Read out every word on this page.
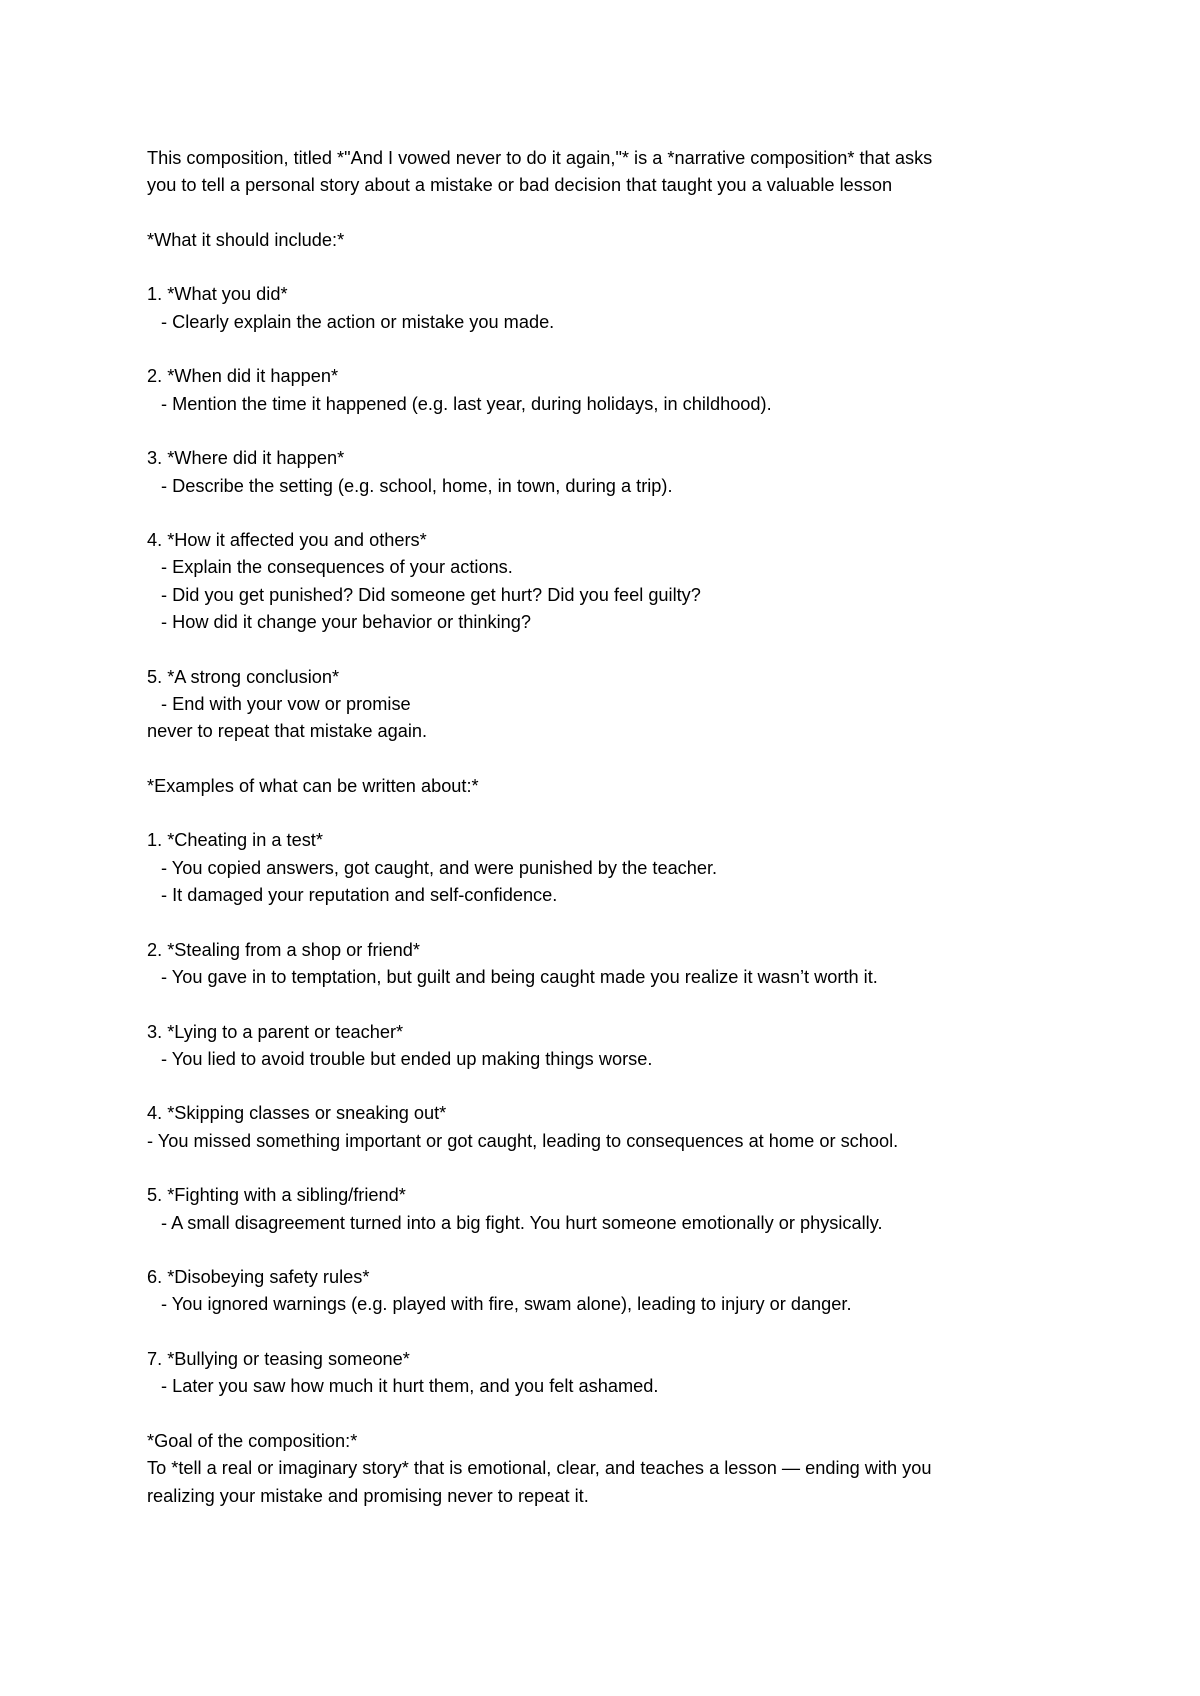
This composition, titled *"And I vowed never to do it again,"* is a *narrative composition* that asks
you to tell a personal story about a mistake or bad decision that taught you a valuable lesson
*What it should include:*
1. *What you did*
- Clearly explain the action or mistake you made.
2. *When did it happen*
- Mention the time it happened (e.g. last year, during holidays, in childhood).
3. *Where did it happen*
- Describe the setting (e.g. school, home, in town, during a trip).
4. *How it affected you and others*
- Explain the consequences of your actions.
- Did you get punished? Did someone get hurt? Did you feel guilty?
- How did it change your behavior or thinking?
5. *A strong conclusion*
- End with your vow or promise
never to repeat that mistake again.
*Examples of what can be written about:*
1. *Cheating in a test*
- You copied answers, got caught, and were punished by the teacher.
- It damaged your reputation and self-confidence.
2. *Stealing from a shop or friend*
- You gave in to temptation, but guilt and being caught made you realize it wasn’t worth it.
3. *Lying to a parent or teacher*
- You lied to avoid trouble but ended up making things worse.
4. *Skipping classes or sneaking out*
- You missed something important or got caught, leading to consequences at home or school.
5. *Fighting with a sibling/friend*
- A small disagreement turned into a big fight. You hurt someone emotionally or physically.
6. *Disobeying safety rules*
- You ignored warnings (e.g. played with fire, swam alone), leading to injury or danger.
7. *Bullying or teasing someone*
- Later you saw how much it hurt them, and you felt ashamed.
*Goal of the composition:*
To *tell a real or imaginary story* that is emotional, clear, and teaches a lesson — ending with you
realizing your mistake and promising never to repeat it.
